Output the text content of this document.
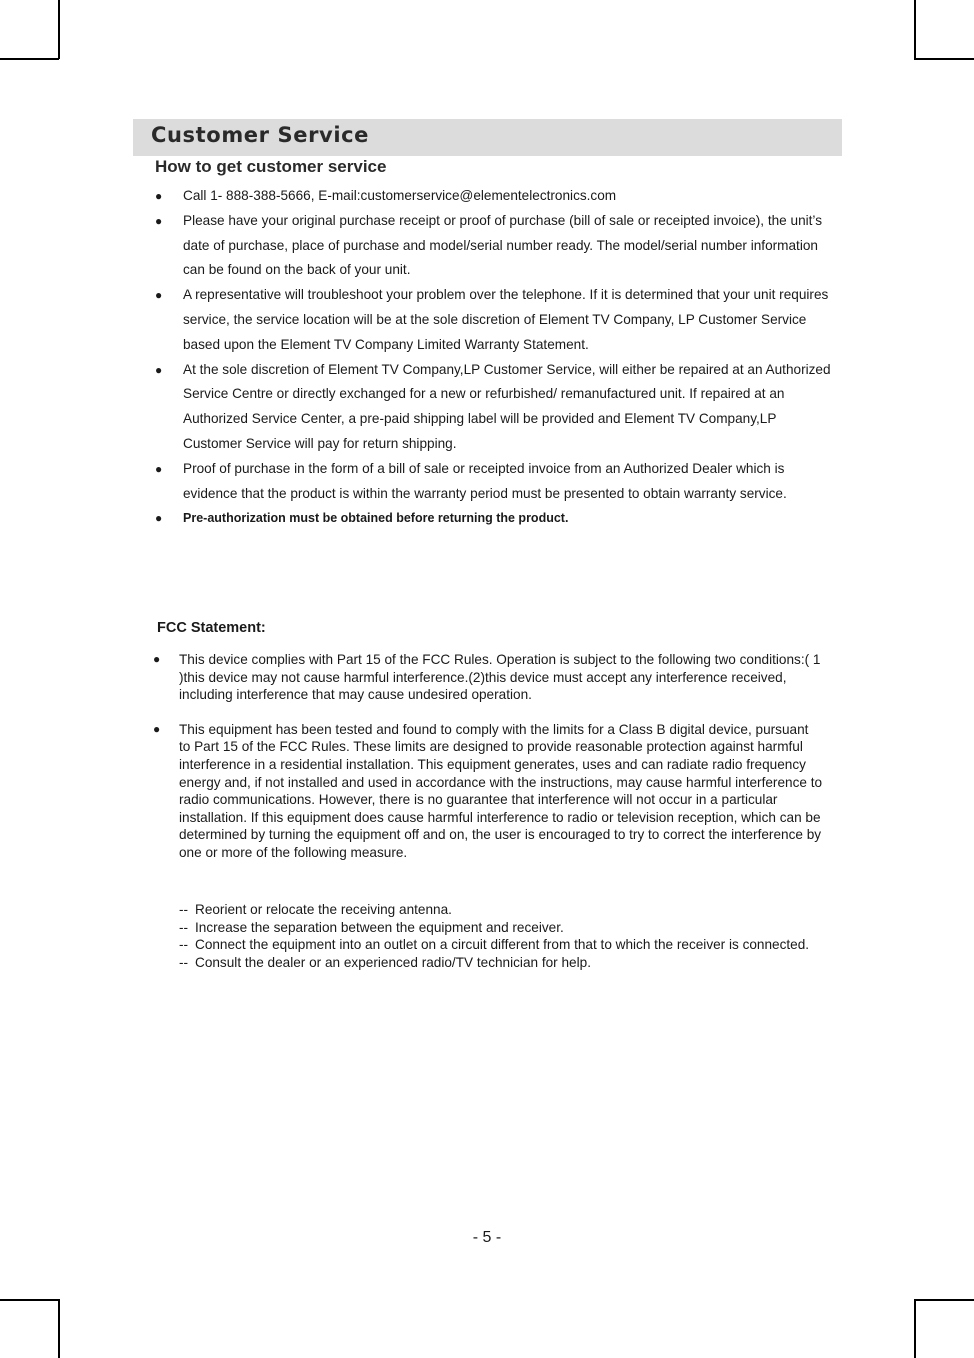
Customer Service
How to get customer service
● Call 1- 888-388-5666, E-mail:customerservice@elementelectronics.com
● Please have your original purchase receipt or proof of purchase (bill of sale or receipted invoice), the unit’s date of purchase, place of purchase and model/serial number ready. The model/serial number information can be found on the back of your unit.
● A representative will troubleshoot your problem over the telephone. If it is determined that your unit requires service, the service location will be at the sole discretion of Element TV Company, LP Customer Service based upon the Element TV Company Limited Warranty Statement.
● At the sole discretion of Element TV Company,LP Customer Service, will either be repaired at an Authorized Service Centre or directly exchanged for a new or refurbished/ remanufactured unit. If repaired at an Authorized Service Center, a pre-paid shipping label will be provided and Element TV Company,LP Customer Service will pay for return shipping.
● Proof of purchase in the form of a bill of sale or receipted invoice from an Authorized Dealer which is evidence that the product is within the warranty period must be presented to obtain warranty service.
● Pre-authorization must be obtained before returning the product.
FCC Statement:
● This device complies with Part 15 of the FCC Rules. Operation is subject to the following two conditions:( 1 )this device may not cause harmful interference.(2)this device must accept any interference received, including interference that may cause undesired operation.
● This equipment has been tested and found to comply with the limits for a Class B digital device, pursuant to Part 15 of the FCC Rules. These limits are designed to provide reasonable protection against harmful interference in a residential installation. This equipment generates, uses and can radiate radio frequency energy and, if not installed and used in accordance with the instructions, may cause harmful interference to radio communications. However, there is no guarantee that interference will not occur in a particular installation. If this equipment does cause harmful interference to radio or television reception, which can be determined by turning the equipment off and on, the user is encouraged to try to correct the interference by one or more of the following measure.
-- Reorient or relocate the receiving antenna.
-- Increase the separation between the equipment and receiver.
-- Connect the equipment into an outlet on a circuit different from that to which the receiver is connected.
-- Consult the dealer or an experienced radio/TV technician for help.
- 5 -
